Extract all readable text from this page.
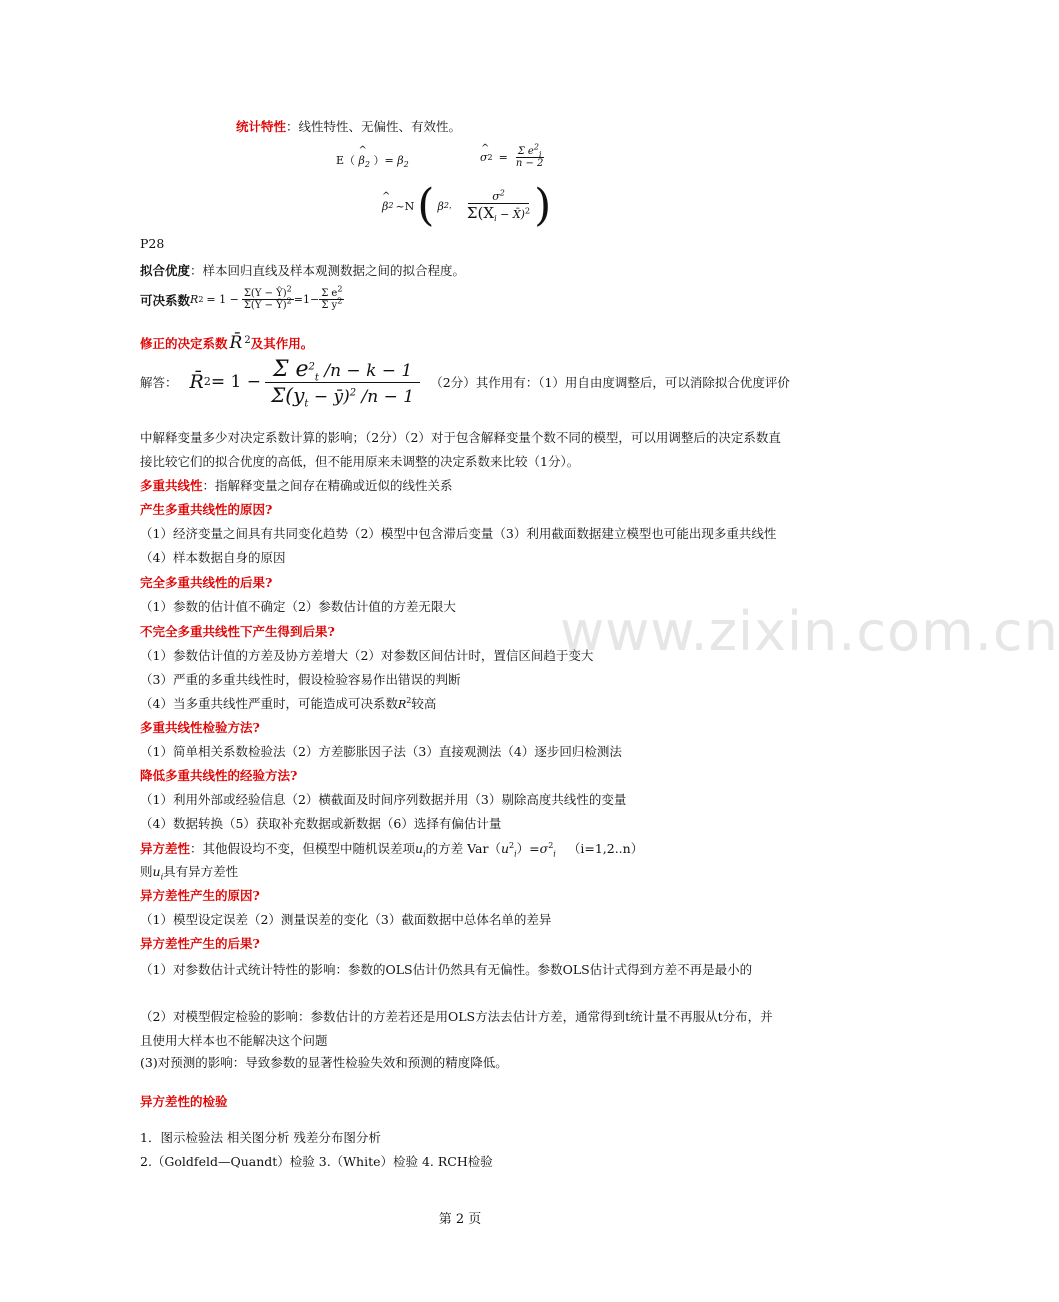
www.zixin.com.cn
统计特性：线性特性、无偏性、有效性。
E（
^
$\beta_2$ ）= $\beta_2$
^
σ $2 = \frac{\Sigma e^2_i}{n - 2}$
^
β 2 ~N ( β 2， $\frac{\sigma^2}{\Sigma(X_i - X̄)^2}$ )
P28
拟合优度：样本回归直线及样本观测数据之间的拟合程度。
可决系数 R $2 = 1 - \frac{\Sigma(Y - Ŷ)^2}{\Sigma(Y - Ȳ)^2} =1- \frac{\Sigma e^2}{\Sigma y^2}$
修正的决定系数 R̄ $^2$及其作用。
解答： R̄ $2 = 1 - \frac{\Sigma e^2_t /n - k - 1}{\Sigma(y_t - ȳ)^2 /n - 1} (2$分）其作用有：（1）用自由度调整后，可以消除拟合优度评价
中解释变量多少对决定系数计算的影响；（2分）（2）对于包含解释变量个数不同的模型，可以用调整后的决定系数直接比较它们的拟合优度的高低，但不能用原来未调整的决定系数来比较（1分）。
多重共线性：指解释变量之间存在精确或近似的线性关系
产生多重共线性的原因?
（1）经济变量之间具有共同变化趋势（2）模型中包含滞后变量（3）利用截面数据建立模型也可能出现多重共线性（4）样本数据自身的原因
完全多重共线性的后果?
（1）参数的估计值不确定（2）参数估计值的方差无限大
不完全多重共线性下产生得到后果?
（1）参数估计值的方差及协方差增大（2）对参数区间估计时，置信区间趋于变大
（3）严重的多重共线性时，假设检验容易作出错误的判断
（4）当多重共线性严重时，可能造成可决系数$R^2$较高
多重共线性检验方法?
（1）简单相关系数检验法（2）方差膨胀因子法（3）直接观测法（4）逐步回归检测法
降低多重共线性的经验方法?
（1）利用外部或经验信息（2）横截面及时间序列数据并用（3）剔除高度共线性的变量
（4）数据转换（5）获取补充数据或新数据（6）选择有偏估计量
异方差性：其他假设均不变，但模型中随机误差项$u_i$的方差 $Var(u^2_i)=\sigma^2_i$ （i=1,2..n）
则$u_i$具有异方差性
异方差性产生的原因?
（1）模型设定误差（2）测量误差的变化（3）截面数据中总体名单的差异
异方差性产生的后果?
（1）对参数估计式统计特性的影响：参数的OLS估计仍然具有无偏性。参数OLS估计式得到方差不再是最小的
（2）对模型假定检验的影响：参数估计的方差若还是用OLS方法去估计方差，通常得到t统计量不再服从t分布，并且使用大样本也不能解决这个问题
(3)对预测的影响：导致参数的显著性检验失效和预测的精度降低。
异方差性的检验
1．图示检验法 相关图分析 残差分布图分析
2.（Goldfeld—Quandt）检验 3.（White）检验 4. RCH检验
第 2 页
